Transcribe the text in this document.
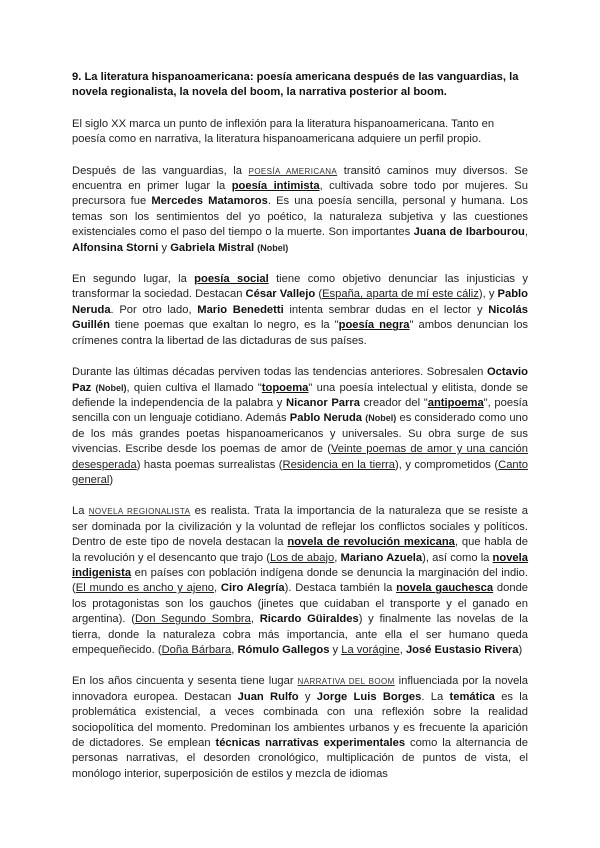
9. La literatura hispanoamericana: poesía americana después de las vanguardias, la novela regionalista, la novela del boom, la narrativa posterior al boom.

El siglo XX marca un punto de inflexión para la literatura hispanoamericana. Tanto en poesía como en narrativa, la literatura hispanoamericana adquiere un perfil propio.

Después de las vanguardias, la POESÍA AMERICANA transitó caminos muy diversos. Se encuentra en primer lugar la poesía intimista, cultivada sobre todo por mujeres. Su precursora fue Mercedes Matamoros. Es una poesía sencilla, personal y humana. Los temas son los sentimientos del yo poético, la naturaleza subjetiva y las cuestiones existenciales como el paso del tiempo o la muerte. Son importantes Juana de Ibarbourou, Alfonsina Storni y Gabriela Mistral (Nobel)

En segundo lugar, la poesía social tiene como objetivo denunciar las injusticias y transformar la sociedad. Destacan César Vallejo (España, aparta de mí este cáliz), y Pablo Neruda. Por otro lado, Mario Benedetti intenta sembrar dudas en el lector y Nicolás Guillén tiene poemas que exaltan lo negro, es la "poesía negra" ambos denuncian los crímenes contra la libertad de las dictaduras de sus países.

Durante las últimas décadas perviven todas las tendencias anteriores. Sobresalen Octavio Paz (Nobel), quien cultiva el llamado "topoema" una poesía intelectual y elitista, donde se defiende la independencia de la palabra y Nicanor Parra creador del "antipoema", poesía sencilla con un lenguaje cotidiano. Además Pablo Neruda (Nobel) es considerado como uno de los más grandes poetas hispanoamericanos y universales. Su obra surge de sus vivencias. Escribe desde los poemas de amor de (Veinte poemas de amor y una canción desesperada) hasta poemas surrealistas (Residencia en la tierra), y comprometidos (Canto general)

La NOVELA REGIONALISTA es realista. Trata la importancia de la naturaleza que se resiste a ser dominada por la civilización y la voluntad de reflejar los conflictos sociales y políticos. Dentro de este tipo de novela destacan la novela de revolución mexicana, que habla de la revolución y el desencanto que trajo (Los de abajo, Mariano Azuela), así como la novela indigenista en países con población indígena donde se denuncia la marginación del indio. (El mundo es ancho y ajeno, Ciro Alegría). Destaca también la novela gauchesca donde los protagonistas son los gauchos (jinetes que cuidaban el transporte y el ganado en argentina). (Don Segundo Sombra, Ricardo Güiraldes) y finalmente las novelas de la tierra, donde la naturaleza cobra más importancia, ante ella el ser humano queda empequeñecido. (Doña Bárbara, Rómulo Gallegos y La vorágine, José Eustasio Rivera)

En los años cincuenta y sesenta tiene lugar NARRATIVA DEL BOOM influenciada por la novela innovadora europea. Destacan Juan Rulfo y Jorge Luis Borges. La temática es la problemática existencial, a veces combinada con una reflexión sobre la realidad sociopolítica del momento. Predominan los ambientes urbanos y es frecuente la aparición de dictadores. Se emplean técnicas narrativas experimentales como la alternancia de personas narrativas, el desorden cronológico, multiplicación de puntos de vista, el monólogo interior, superposición de estilos y mezcla de idiomas
